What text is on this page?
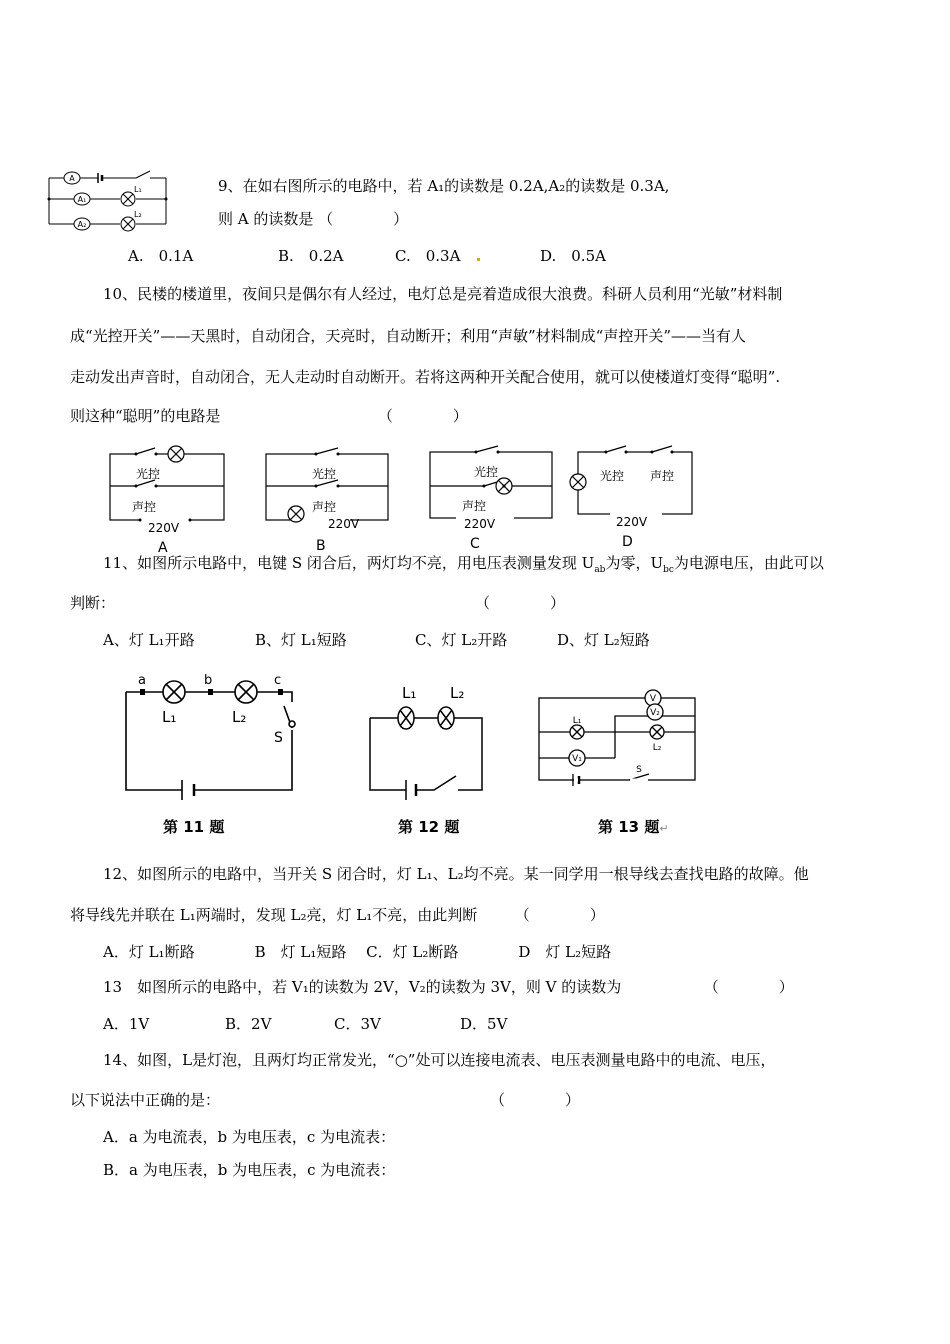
A
A₁
A₂
L₁
L₂
9、在如右图所示的电路中，若 A₁的读数是 0.2A,A₂的读数是 0.3A,
则 A 的读数是 （　　　　）
A.　0.1A	B.　0.2A	C.　0.3A	D.　0.5A
10、民楼的楼道里，夜间只是偶尔有人经过，电灯总是亮着造成很大浪费。科研人员利用“光敏”材料制
成“光控开关”——天黑时，自动闭合，天亮时，自动断开；利用“声敏”材料制成“声控开关”——当有人
走动发出声音时，自动闭合，无人走动时自动断开。若将这两种开关配合使用，就可以使楼道灯变得“聪明”.
则这种“聪明”的电路是　　　　　　　　　　　（　　　　）
光控
声控
220V
光控
声控
220V
光控
声控
220V
光控 声控
220V
A	B	C	D
11、如图所示电路中，电键 S 闭合后，两灯均不亮，用电压表测量发现 $U_{ab}$为零，$U_{bc}$为电源电压，由此可以
判断：　　　　　　　　　　　　　　　　　　　　　　　　　（　　　　）
A、灯 L₁开路	B、灯 L₁短路	C、灯 L₂开路	D、灯 L₂短路
a	b	c
L₁	L₂
S
第 11 题
L₁ L₂
第 12 题
V
V₂
V₁
L₁
L₂
S
第 13 题↵
12、如图所示的电路中，当开关 S 闭合时，灯 L₁、L₂均不亮。某一同学用一根导线去查找电路的故障。他
将导线先并联在 L₁两端时，发现 L₂亮，灯 L₁不亮，由此判断　　　（　　　　）
A．灯 L₁断路　　　　B　灯 L₁短路　 C．灯 L₂断路　　　　D　灯 L₂短路
13　如图所示的电路中，若 V₁的读数为 2V，V₂的读数为 3V，则 V 的读数为　　　　　　（　　　　）
A．1V	B．2V	C．3V	D．5V
14、如图，L是灯泡，且两灯均正常发光，“○”处可以连接电流表、电压表测量电路中的电流、电压，
以下说法中正确的是：　　　　　　　　　　　　　　　　　　　（　　　　）
A．a 为电流表，b 为电压表，c 为电流表：
B．a 为电压表，b 为电压表，c 为电流表：
